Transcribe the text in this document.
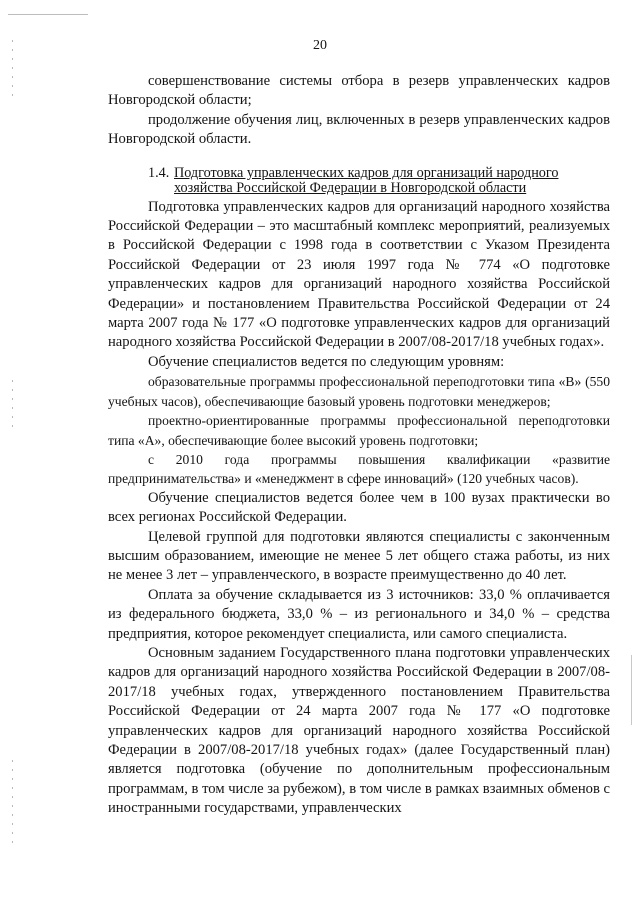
20

совершенствование системы отбора в резерв управленческих кадров Новгородской области;

продолжение обучения лиц, включенных в резерв управленческих кадров Новгородской области.

1.4. Подготовка управленческих кадров для организаций народного хозяйства Российской Федерации в Новгородской области

Подготовка управленческих кадров для организаций народного хозяйства Российской Федерации – это масштабный комплекс мероприятий, реализуемых в Российской Федерации с 1998 года в соответствии с Указом Президента Российской Федерации от 23 июля 1997 года № 774 «О подготовке управленческих кадров для организаций народного хозяйства Российской Федерации» и постановлением Правительства Российской Федерации от 24 марта 2007 года № 177 «О подготовке управленческих кадров для организаций народного хозяйства Российской Федерации в 2007/08-2017/18 учебных годах».

Обучение специалистов ведется по следующим уровням:

образовательные программы профессиональной переподготовки типа «В» (550 учебных часов), обеспечивающие базовый уровень подготовки менеджеров;

проектно-ориентированные программы профессиональной переподготовки типа «А», обеспечивающие более высокий уровень подготовки;

с 2010 года программы повышения квалификации «развитие предпринимательства» и «менеджмент в сфере инноваций» (120 учебных часов).

Обучение специалистов ведется более чем в 100 вузах практически во всех регионах Российской Федерации.

Целевой группой для подготовки являются специалисты с законченным высшим образованием, имеющие не менее 5 лет общего стажа работы, из них не менее 3 лет – управленческого, в возрасте преимущественно до 40 лет.

Оплата за обучение складывается из 3 источников: 33,0 % оплачивается из федерального бюджета, 33,0 % – из регионального и 34,0 % – средства предприятия, которое рекомендует специалиста, или самого специалиста.

Основным заданием Государственного плана подготовки управленческих кадров для организаций народного хозяйства Российской Федерации в 2007/08-2017/18 учебных годах, утвержденного постановлением Правительства Российской Федерации от 24 марта 2007 года № 177 «О подготовке управленческих кадров для организаций народного хозяйства Российской Федерации в 2007/08-2017/18 учебных годах» (далее Государственный план) является подготовка (обучение по дополнительным профессиональным программам, в том числе за рубежом), в том числе в рамках взаимных обменов с иностранными государствами, управленческих
